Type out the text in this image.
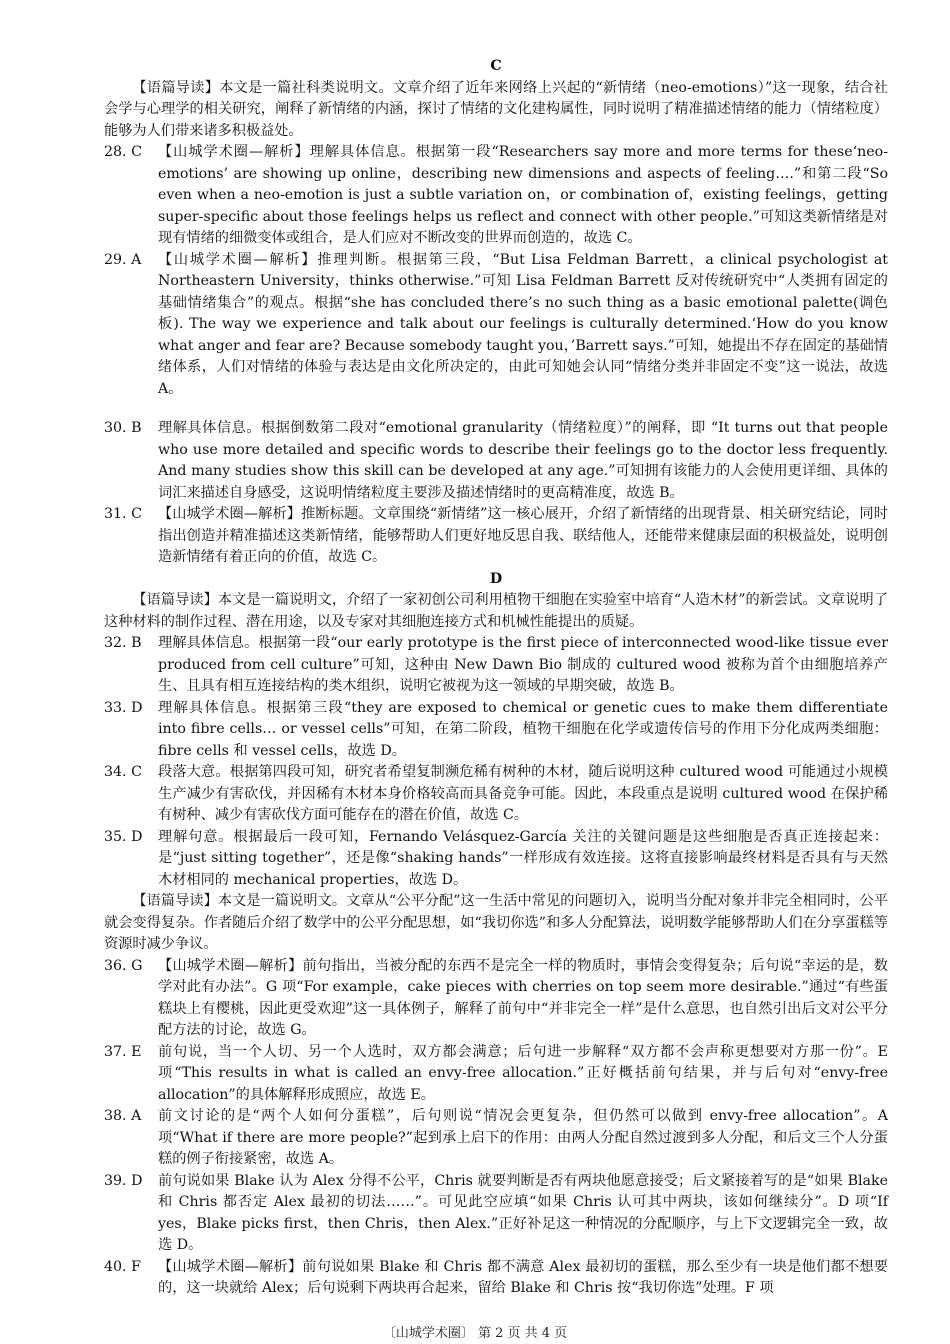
C

【语篇导读】本文是一篇社科类说明文。文章介绍了近年来网络上兴起的“新情绪（neo-emotions）”这一现象，结合社会学与心理学的相关研究，阐释了新情绪的内涵，探讨了情绪的文化建构属性，同时说明了精准描述情绪的能力（情绪粒度）能够为人们带来诸多积极益处。

28. C	【山城学术圈—解析】理解具体信息。根据第一段“Researchers say more and more terms for these‘neo-emotions’ are showing up online，describing new dimensions and aspects of feeling….”和第二段“So even when a neo-emotion is just a subtle variation on，or combination of，existing feelings，getting super-specific about those feelings helps us reflect and connect with other people.”可知这类新情绪是对现有情绪的细微变体或组合，是人们应对不断改变的世界而创造的，故选 C。
29. A	【山城学术圈—解析】推理判断。根据第三段，“But Lisa Feldman Barrett，a clinical psychologist at Northeastern University，thinks otherwise.”可知 Lisa Feldman Barrett 反对传统研究中“人类拥有固定的基础情绪集合”的观点。根据“she has concluded there’s no such thing as a basic emotional palette(调色板). The way we experience and talk about our feelings is culturally determined.‘How do you know what anger and fear are? Because somebody taught you，’Barrett says.”可知，她提出不存在固定的基础情绪体系，人们对情绪的体验与表达是由文化所决定的，由此可知她会认同“情绪分类并非固定不变”这一说法，故选 A。
30. B	理解具体信息。根据倒数第二段对“emotional granularity（情绪粒度）”的阐释，即 “It turns out that people who use more detailed and specific words to describe their feelings go to the doctor less frequently. And many studies show this skill can be developed at any age.”可知拥有该能力的人会使用更详细、具体的词汇来描述自身感受，这说明情绪粒度主要涉及描述情绪时的更高精准度，故选 B。
31. C	【山城学术圈—解析】推断标题。文章围绕“新情绪”这一核心展开，介绍了新情绪的出现背景、相关研究结论，同时指出创造并精准描述这类新情绪，能够帮助人们更好地反思自我、联结他人，还能带来健康层面的积极益处，说明创造新情绪有着正向的价值，故选 C。

D

【语篇导读】本文是一篇说明文，介绍了一家初创公司利用植物干细胞在实验室中培育“人造木材”的新尝试。文章说明了这种材料的制作过程、潜在用途，以及专家对其细胞连接方式和机械性能提出的质疑。

32. B	理解具体信息。根据第一段“our early prototype is the first piece of interconnected wood-like tissue ever produced from cell culture”可知，这种由 New Dawn Bio 制成的 cultured wood 被称为首个由细胞培养产生、且具有相互连接结构的类木组织，说明它被视为这一领域的早期突破，故选 B。
33. D	理解具体信息。根据第三段“they are exposed to chemical or genetic cues to make them differentiate into fibre cells… or vessel cells”可知，在第二阶段，植物干细胞在化学或遗传信号的作用下分化成两类细胞：fibre cells 和 vessel cells，故选 D。
34. C	段落大意。根据第四段可知，研究者希望复制濒危稀有树种的木材，随后说明这种 cultured wood 可能通过小规模生产减少有害砍伐，并因稀有木材本身价格较高而具备竞争可能。因此，本段重点是说明 cultured wood 在保护稀有树种、减少有害砍伐方面可能存在的潜在价值，故选 C。
35. D	理解句意。根据最后一段可知，Fernando Velásquez-García 关注的关键问题是这些细胞是否真正连接起来：是“just sitting together”，还是像“shaking hands”一样形成有效连接。这将直接影响最终材料是否具有与天然木材相同的 mechanical properties，故选 D。

【语篇导读】本文是一篇说明文。文章从“公平分配”这一生活中常见的问题切入，说明当分配对象并非完全相同时，公平就会变得复杂。作者随后介绍了数学中的公平分配思想，如“我切你选”和多人分配算法，说明数学能够帮助人们在分享蛋糕等资源时减少争议。

36. G	【山城学术圈—解析】前句指出，当被分配的东西不是完全一样的物质时，事情会变得复杂；后句说“幸运的是，数学对此有办法”。G 项“For example，cake pieces with cherries on top seem more desirable.”通过“有些蛋糕块上有樱桃，因此更受欢迎”这一具体例子，解释了前句中“并非完全一样”是什么意思，也自然引出后文对公平分配方法的讨论，故选 G。
37. E	前句说，当一个人切、另一个人选时，双方都会满意；后句进一步解释“双方都不会声称更想要对方那一份”。E 项“This results in what is called an envy-free allocation.”正好概括前句结果，并与后句对“envy-free allocation”的具体解释形成照应，故选 E。
38. A	前文讨论的是“两个人如何分蛋糕”，后句则说“情况会更复杂，但仍然可以做到 envy-free allocation”。A 项“What if there are more people?”起到承上启下的作用：由两人分配自然过渡到多人分配，和后文三个人分蛋糕的例子衔接紧密，故选 A。
39. D	前句说如果 Blake 认为 Alex 分得不公平，Chris 就要判断是否有两块他愿意接受；后文紧接着写的是“如果 Blake 和 Chris 都否定 Alex 最初的切法……”。可见此空应填“如果 Chris 认可其中两块，该如何继续分”。D 项“If yes，Blake picks first，then Chris，then Alex.”正好补足这一种情况的分配顺序，与上下文逻辑完全一致，故选 D。
40. F	【山城学术圈—解析】前句说如果 Blake 和 Chris 都不满意 Alex 最初切的蛋糕，那么至少有一块是他们都不想要的，这一块就给 Alex；后句说剩下两块再合起来，留给 Blake 和 Chris 按“我切你选”处理。F 项
〔山城学术圈〕 第 2 页 共 4 页
